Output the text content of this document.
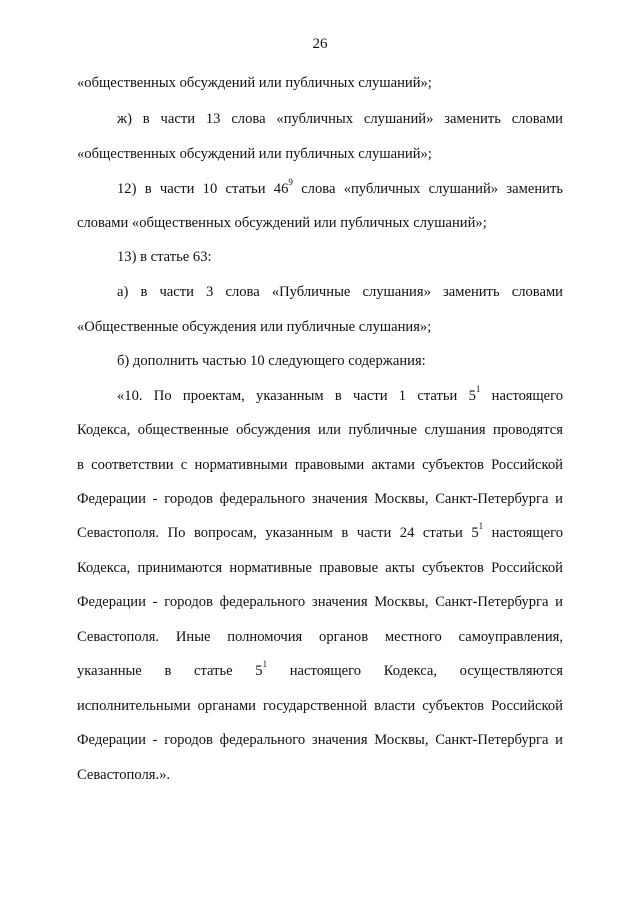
26
«общественных обсуждений или публичных слушаний»;
ж) в части 13 слова «публичных слушаний» заменить словами
«общественных обсуждений или публичных слушаний»;
12) в части 10 статьи $46^9$ слова «публичных слушаний» заменить
словами «общественных обсуждений или публичных слушаний»;
13) в статье 63:
а) в части 3 слова «Публичные слушания» заменить словами
«Общественные обсуждения или публичные слушания»;
б) дополнить частью 10 следующего содержания:
«10. По проектам, указанным в части 1 статьи $5^1$ настоящего
Кодекса, общественные обсуждения или публичные слушания проводятся
в соответствии с нормативными правовыми актами субъектов Российской
Федерации - городов федерального значения Москвы, Санкт-Петербурга и
Севастополя. По вопросам, указанным в части 24 статьи $5^1$ настоящего
Кодекса, принимаются нормативные правовые акты субъектов Российской
Федерации - городов федерального значения Москвы, Санкт-Петербурга и
Севастополя. Иные полномочия органов местного самоуправления,
указанные в статье $5^1$ настоящего Кодекса, осуществляются
исполнительными органами государственной власти субъектов Российской
Федерации - городов федерального значения Москвы, Санкт-Петербурга и
Севастополя.».
